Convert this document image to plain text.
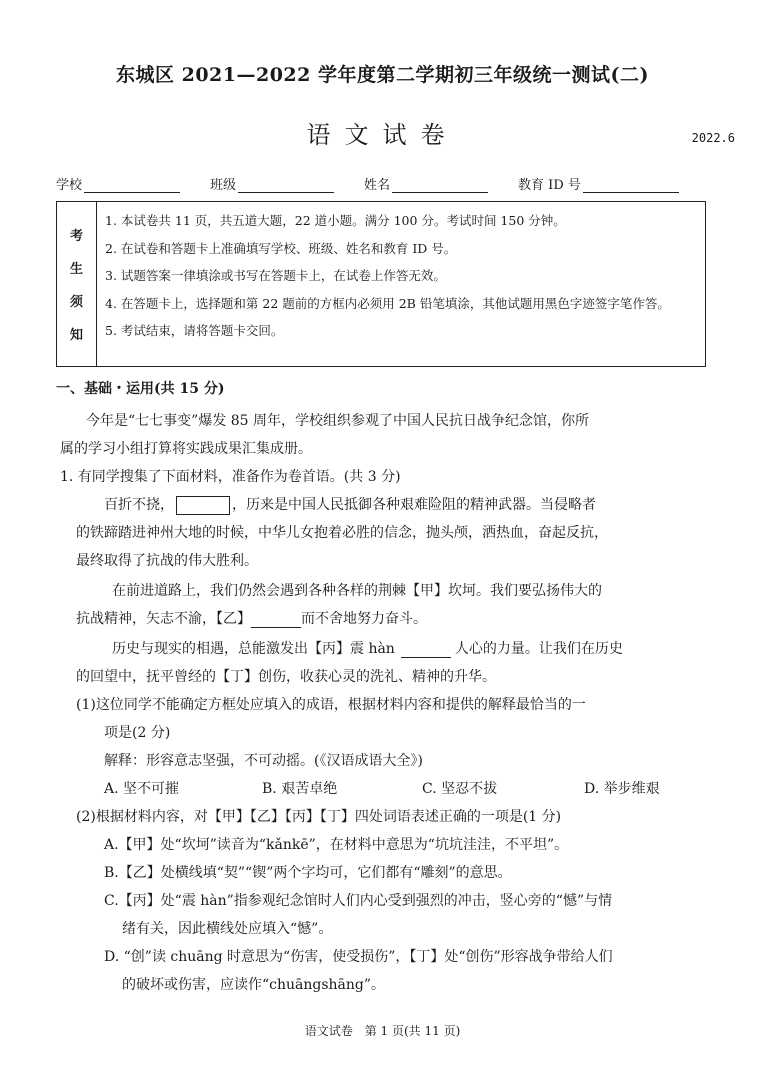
东城区 2021—2022 学年度第二学期初三年级统一测试(二)
语文试卷	2022.6
学校	班级	姓名	教育 ID 号
考
生
须
知
1. 本试卷共 11 页，共五道大题，22 道小题。满分 100 分。考试时间 150 分钟。
2. 在试卷和答题卡上准确填写学校、班级、姓名和教育 ID 号。
3. 试题答案一律填涂或书写在答题卡上，在试卷上作答无效。
4. 在答题卡上，选择题和第 22 题前的方框内必须用 2B 铅笔填涂，其他试题用黑色字迹签字笔作答。
5. 考试结束，请将答题卡交回。
一、基础・运用(共 15 分)
今年是“七七事变”爆发 85 周年，学校组织参观了中国人民抗日战争纪念馆，你所
属的学习小组打算将实践成果汇集成册。
1. 有同学搜集了下面材料，准备作为卷首语。(共 3 分)
百折不挠，	，历来是中国人民抵御各种艰难险阻的精神武器。当侵略者
的铁蹄踏进神州大地的时候，中华儿女抱着必胜的信念，抛头颅，洒热血，奋起反抗，
最终取得了抗战的伟大胜利。
在前进道路上，我们仍然会遇到各种各样的荆棘【甲】坎坷。我们要弘扬伟大的
抗战精神，矢志不渝，【乙】	而不舍地努力奋斗。
历史与现实的相遇，总能激发出【丙】震 hàn	人心的力量。让我们在历史
的回望中，抚平曾经的【丁】创伤，收获心灵的洗礼、精神的升华。
(1)这位同学不能确定方框处应填入的成语，根据材料内容和提供的解释最恰当的一
项是(2 分)
解释：形容意志坚强，不可动摇。(《汉语成语大全》)
A. 坚不可摧	B. 艰苦卓绝	C. 坚忍不拔	D. 举步维艰
(2)根据材料内容，对【甲】【乙】【丙】【丁】四处词语表述正确的一项是(1 分)
A.【甲】处“坎坷”读音为“kǎnkē”，在材料中意思为“坑坑洼洼，不平坦”。
B.【乙】处横线填“契”“锲”两个字均可，它们都有“雕刻”的意思。
C.【丙】处“震 hàn”指参观纪念馆时人们内心受到强烈的冲击，竖心旁的“憾”与情
绪有关，因此横线处应填入“憾”。
D. “创”读 chuāng 时意思为“伤害，使受损伤”，【丁】处“创伤”形容战争带给人们
的破坏或伤害，应读作“chuāngshāng”。
语文试卷　第 1 页(共 11 页)
